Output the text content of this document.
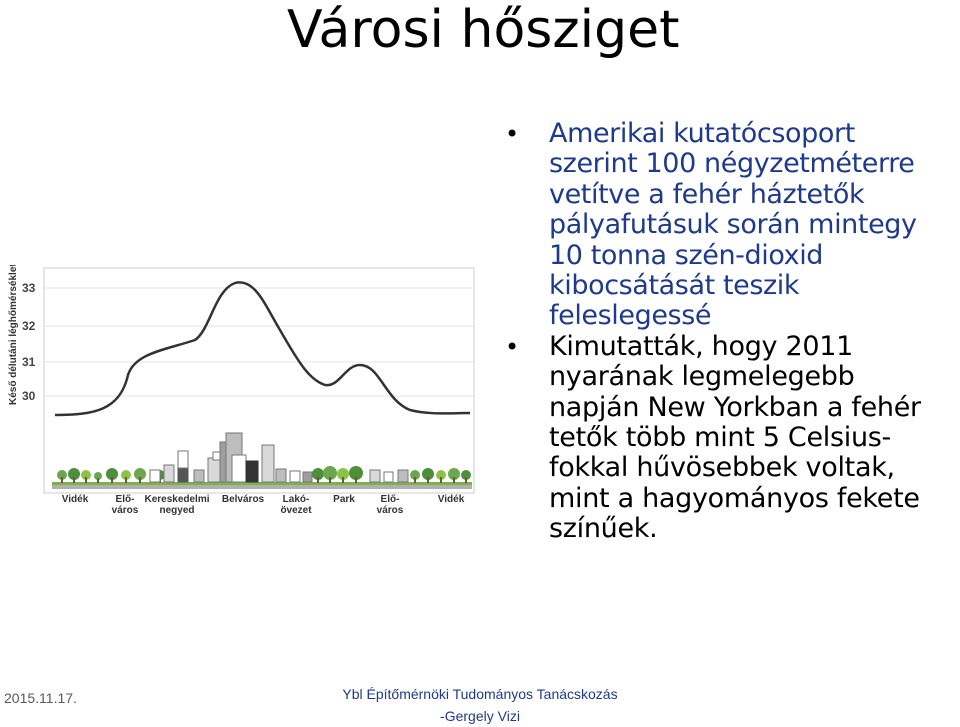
Városi hősziget
• Amerikai kutatócsoport
szerint 100 négyzetméterre
vetítve a fehér háztetők
pályafutásuk során mintegy
10 tonna szén-dioxid
kibocsátását teszik
feleslegessé
• Kimutatták, hogy 2011
nyarának legmelegebb
napján New Yorkban a fehér
tetők több mint 5 Celsius-
fokkal hűvösebbek voltak,
mint a hagyományos fekete
színűek.
Késő délutáni léghőmérséklet (°C) 33
32
31
30
Vidék	Elő-
város
Kereskedelmi
negyed
Belváros Lakó-
övezet
Park	Elő-
város
Vidék
2015.11.17.	Ybl Építőmérnöki Tudományos Tanácskozás
-Gergely Vizi
